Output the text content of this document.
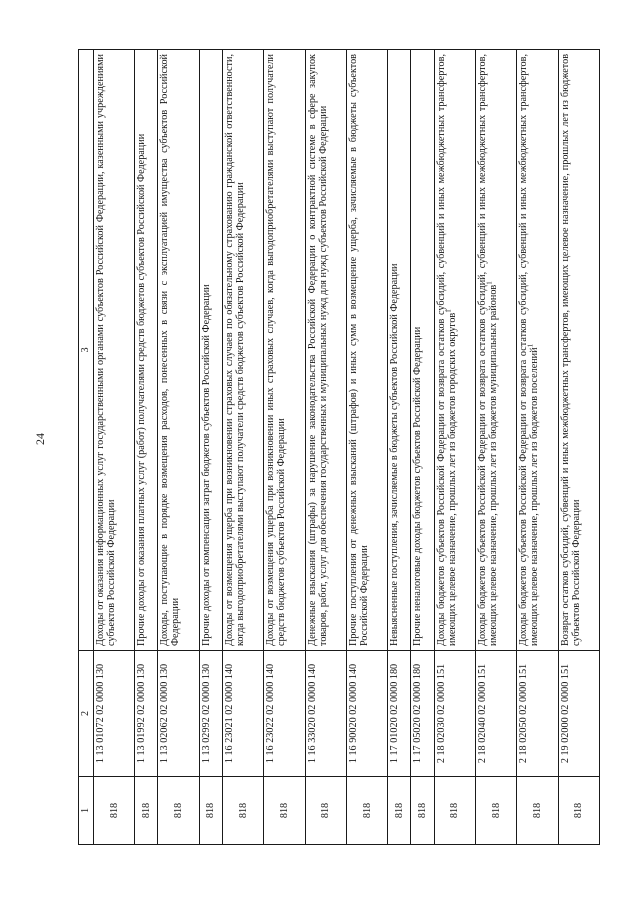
24
1	2	3
818	1 13 01072 02 0000 130	Доходы от оказания информационных услуг государственными органами субъектов Российской Федерации, казенными учреждениями субъектов Российской Федерации
818	1 13 01992 02 0000 130	Прочие доходы от оказания платных услуг (работ) получателями средств бюджетов субъектов Российской Федерации
818	1 13 02062 02 0000 130	Доходы, поступающие в порядке возмещения расходов, понесенных в связи с эксплуатацией имущества субъектов Российской Федерации
818	1 13 02992 02 0000 130	Прочие доходы от компенсации затрат бюджетов субъектов Российской Федерации
818	1 16 23021 02 0000 140	Доходы от возмещения ущерба при возникновении страховых случаев по обязательному страхованию гражданской ответственности, когда выгодоприобретателями выступают получатели средств бюджетов субъектов Российской Федерации
818	1 16 23022 02 0000 140	Доходы от возмещения ущерба при возникновении иных страховых случаев, когда выгодоприобретателями выступают получатели средств бюджетов субъектов Российской Федерации
818	1 16 33020 02 0000 140	Денежные взыскания (штрафы) за нарушение законодательства Российской Федерации о контрактной системе в сфере закупок товаров, работ, услуг для обеспечения государственных и муниципальных нужд для нужд субъектов Российской Федерации
818	1 16 90020 02 0000 140	Прочие поступления от денежных взысканий (штрафов) и иных сумм в возмещение ущерба, зачисляемые в бюджеты субъектов Российской Федерации
818	1 17 01020 02 0000 180	Невыясненные поступления, зачисляемые в бюджеты субъектов Российской Федерации
818	1 17 05020 02 0000 180	Прочие неналоговые доходы бюджетов субъектов Российской Федерации
818	2 18 02030 02 0000 151	Доходы бюджетов субъектов Российской Федерации от возврата остатков субсидий, субвенций и иных межбюджетных трансфертов, имеющих целевое назначение, прошлых лет из бюджетов городских округов$^1$
818	2 18 02040 02 0000 151	Доходы бюджетов субъектов Российской Федерации от возврата остатков субсидий, субвенций и иных межбюджетных трансфертов, имеющих целевое назначение, прошлых лет из бюджетов муниципальных районов$^1$
818	2 18 02050 02 0000 151	Доходы бюджетов субъектов Российской Федерации от возврата остатков субсидий, субвенций и иных межбюджетных трансфертов, имеющих целевое назначение, прошлых лет из бюджетов поселений$^1$
818	2 19 02000 02 0000 151	Возврат остатков субсидий, субвенций и иных межбюджетных трансфертов, имеющих целевое назначение, прошлых лет из бюджетов субъектов Российской Федерации
